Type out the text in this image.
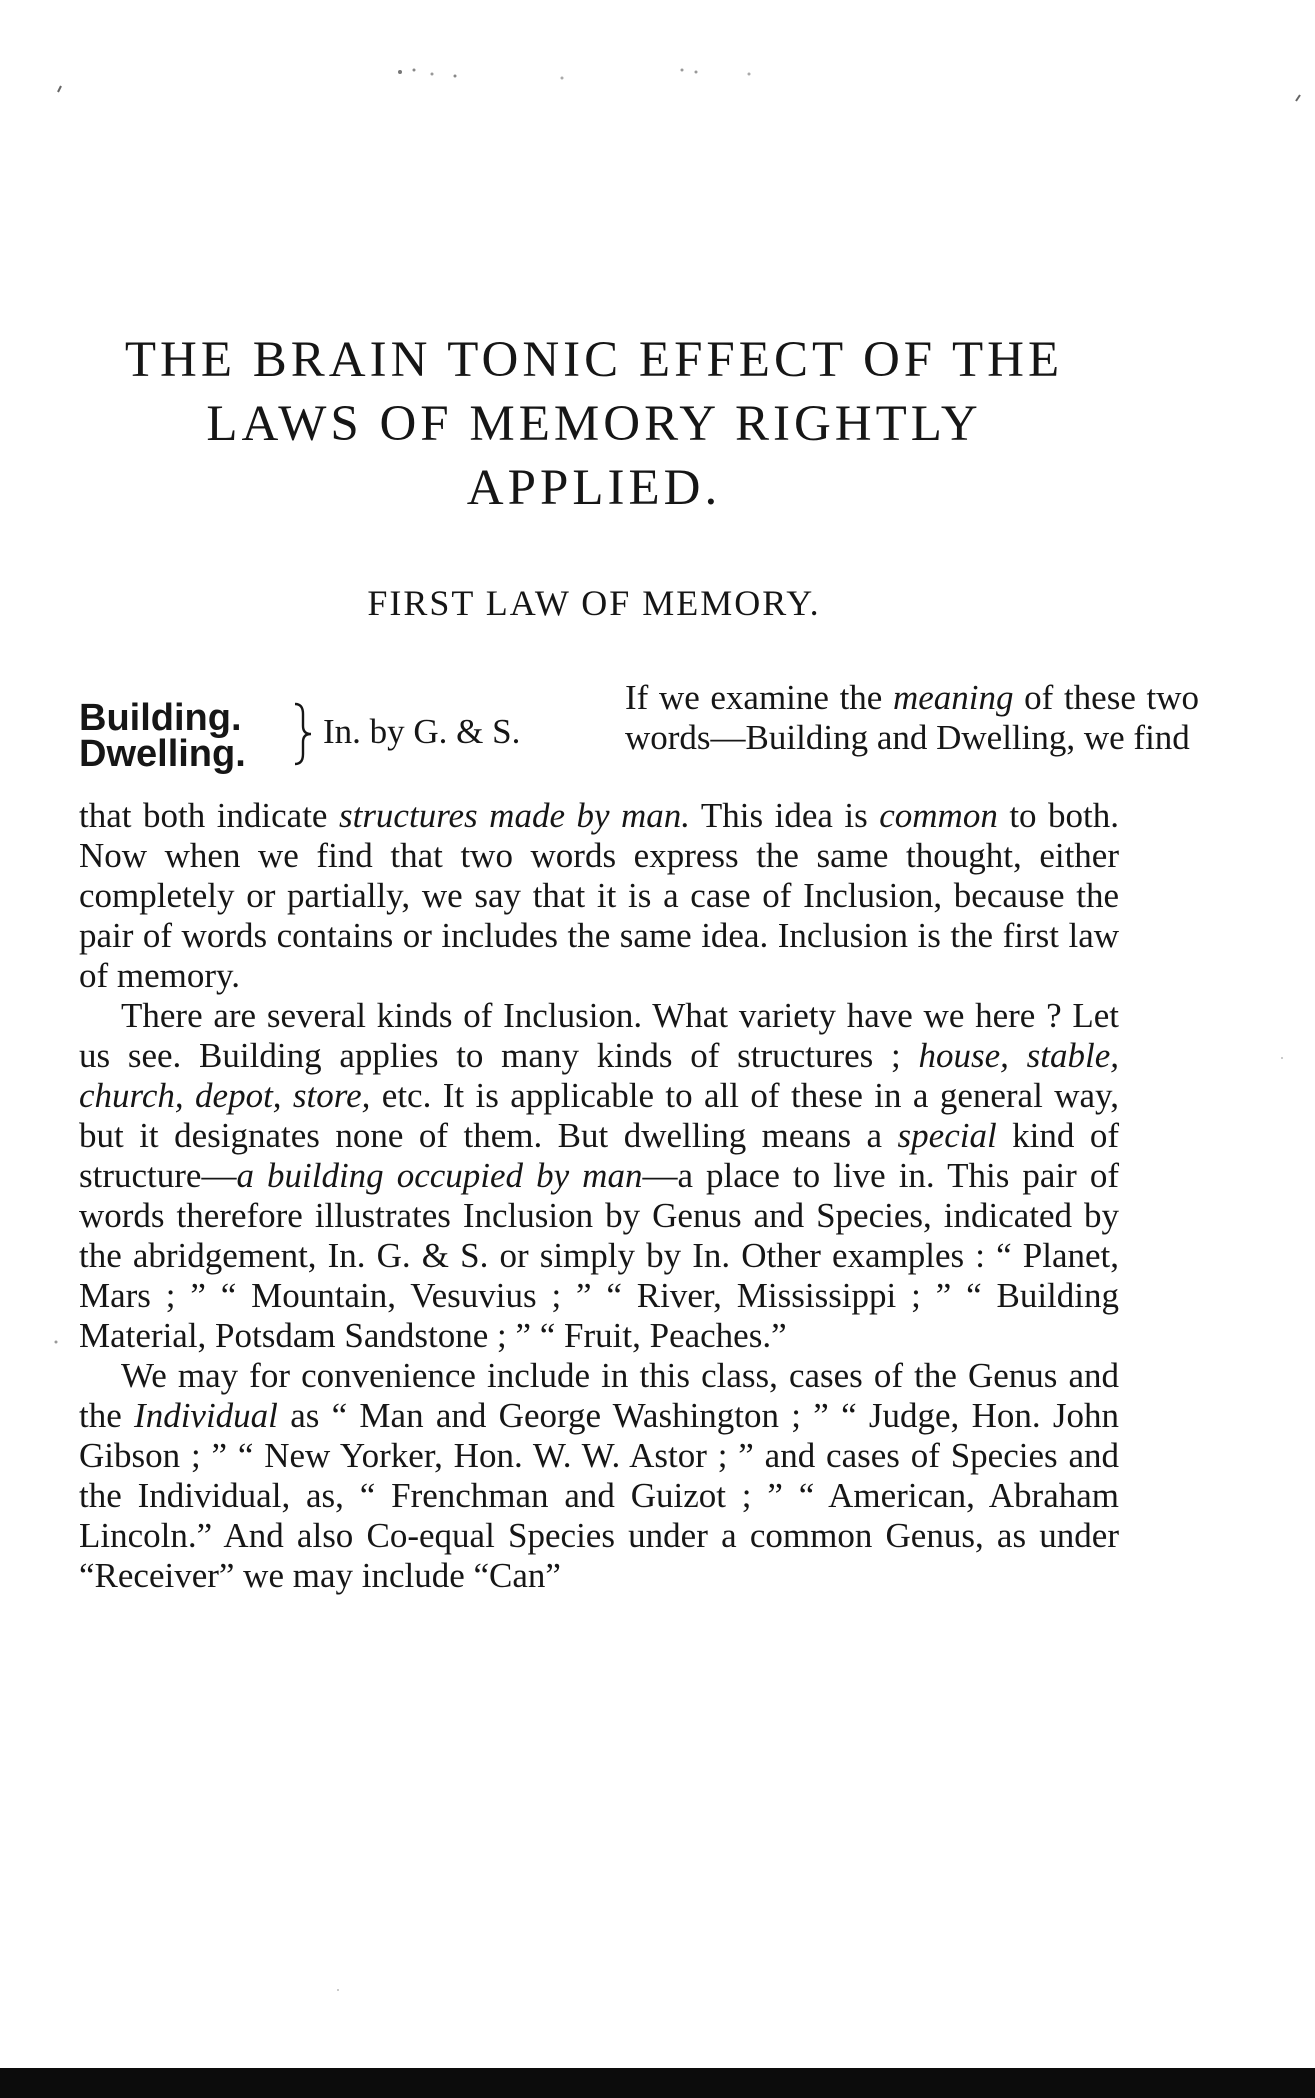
THE BRAIN TONIC EFFECT OF THE
LAWS OF MEMORY RIGHTLY
APPLIED.
FIRST LAW OF MEMORY.
Building.
Dwelling.
In. by G. & S.
If we examine the meaning of these two words—Building and Dwelling, we find

that both indicate structures made by man. This idea is common to both. Now when we find that two words express the same thought, either completely or partially, we say that it is a case of Inclusion, because the pair of words contains or includes the same idea. Inclusion is the first law of memory.

There are several kinds of Inclusion. What variety have we here ? Let us see. Building applies to many kinds of structures ; house, stable, church, depot, store, etc. It is applicable to all of these in a general way, but it designates none of them. But dwelling means a special kind of structure—a building occupied by man—a place to live in. This pair of words therefore illustrates Inclusion by Genus and Species, indicated by the abridgement, In. G. & S. or simply by In. Other examples : “ Planet, Mars ; ” “ Mountain, Vesuvius ; ” “ River, Mississippi ; ” “ Building Material, Potsdam Sandstone ; ” “ Fruit, Peaches.”

We may for convenience include in this class, cases of the Genus and the Individual as “ Man and George Washington ; ” “ Judge, Hon. John Gibson ; ” “ New Yorker, Hon. W. W. Astor ; ” and cases of Species and the Individual, as, “ Frenchman and Guizot ; ” “ American, Abraham Lincoln.” And also Co-equal Species under a common Genus, as under “Receiver” we may include “Can”
